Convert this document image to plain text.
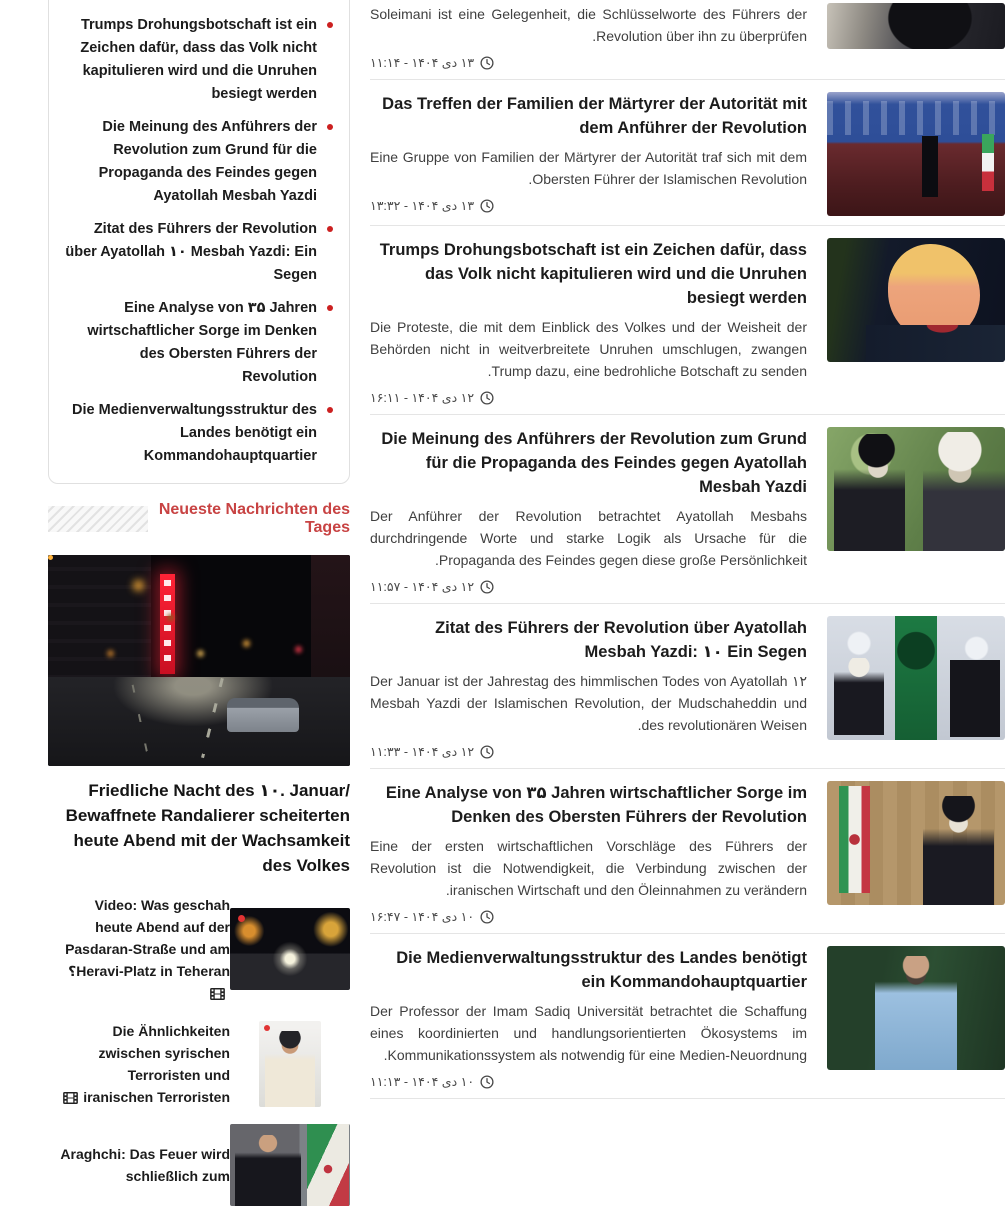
Trumps Drohungsbotschaft ist ein Zeichen dafür, dass das Volk nicht kapitulieren wird und die Unruhen besiegt werden
Die Meinung des Anführers der Revolution zum Grund für die Propaganda des Feindes gegen Ayatollah Mesbah Yazdi
Zitat des Führers der Revolution über Ayatollah ۱۰ Mesbah Yazdi: Ein Segen
Eine Analyse von ۳۵ Jahren wirtschaftlicher Sorge im Denken des Obersten Führers der Revolution
Die Medienverwaltungsstruktur des Landes benötigt ein Kommandohauptquartier
Neueste Nachrichten des Tages
Friedliche Nacht des ۱۰. Januar/ Bewaffnete Randalierer scheiterten heute Abend mit der Wachsamkeit des Volkes
Video: Was geschah heute Abend auf der Pasdaran-Straße und am Heravi-Platz in Teheran؟
Die Ähnlichkeiten zwischen syrischen Terroristen und iranischen Terroristen
Araghchi: Das Feuer wird schließlich zum
Soleimani ist eine Gelegenheit, die Schlüsselworte des Führers der Revolution über ihn zu überprüfen.
۱۳ دی ۱۴۰۴ - ۱۱:۱۴
Das Treffen der Familien der Märtyrer der Autorität mit dem Anführer der Revolution
Eine Gruppe von Familien der Märtyrer der Autorität traf sich mit dem Obersten Führer der Islamischen Revolution.
۱۳ دی ۱۴۰۴ - ۱۳:۳۲
Trumps Drohungsbotschaft ist ein Zeichen dafür, dass das Volk nicht kapitulieren wird und die Unruhen besiegt werden
Die Proteste, die mit dem Einblick des Volkes und der Weisheit der Behörden nicht in weitverbreitete Unruhen umschlugen, zwangen Trump dazu, eine bedrohliche Botschaft zu senden.
۱۲ دی ۱۴۰۴ - ۱۶:۱۱
Die Meinung des Anführers der Revolution zum Grund für die Propaganda des Feindes gegen Ayatollah Mesbah Yazdi
Der Anführer der Revolution betrachtet Ayatollah Mesbahs durchdringende Worte und starke Logik als Ursache für die Propaganda des Feindes gegen diese große Persönlichkeit.
۱۲ دی ۱۴۰۴ - ۱۱:۵۷
Zitat des Führers der Revolution über Ayatollah Mesbah Yazdi: ۱۰ Ein Segen
۱۲ Der Januar ist der Jahrestag des himmlischen Todes von Ayatollah Mesbah Yazdi der Islamischen Revolution, der Mudschaheddin und des revolutionären Weisen.
۱۲ دی ۱۴۰۴ - ۱۱:۳۳
Eine Analyse von ۳۵ Jahren wirtschaftlicher Sorge im Denken des Obersten Führers der Revolution
Eine der ersten wirtschaftlichen Vorschläge des Führers der Revolution ist die Notwendigkeit, die Verbindung zwischen der iranischen Wirtschaft und den Öleinnahmen zu verändern.
۱۰ دی ۱۴۰۴ - ۱۶:۴۷
Die Medienverwaltungsstruktur des Landes benötigt ein Kommandohauptquartier
Der Professor der Imam Sadiq Universität betrachtet die Schaffung eines koordinierten und handlungsorientierten Ökosystems im Kommunikationssystem als notwendig für eine Medien-Neuordnung.
۱۰ دی ۱۴۰۴ - ۱۱:۱۳
